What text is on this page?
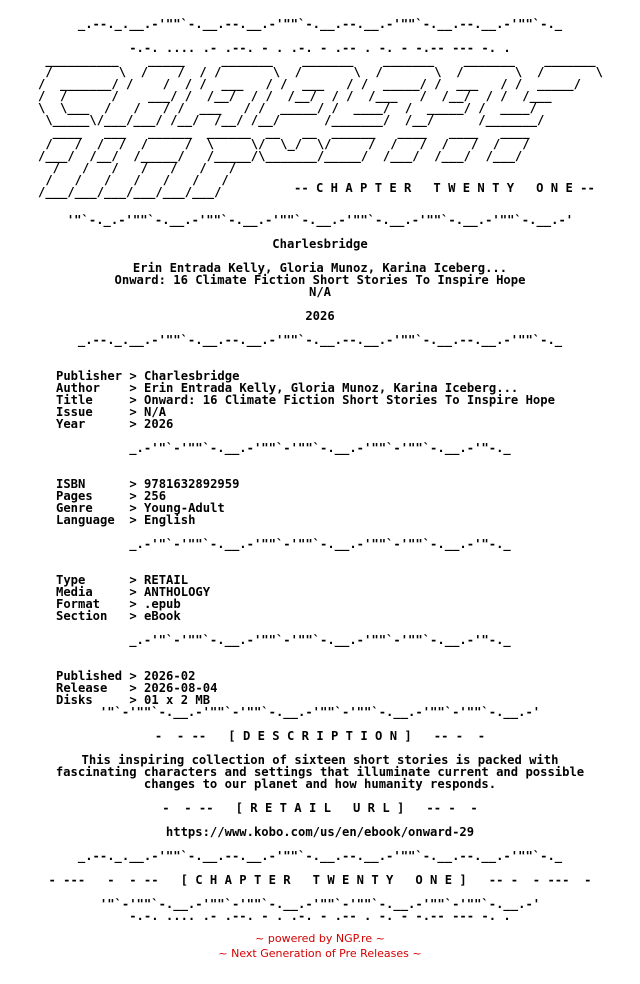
_.--._.__.-'""`-.__.--.__.-'""`-.__.--.__.-'""`-.__.--.__.-'""`-._
-.-. .... .- .--. - . .-. - .-- . -. - -.-- --- -. .
__________    _____     _______    _______    _______    _______    _______
/         \  /    /  / /       \  /       \  /       \  /       \  /       \
/  _______/ /    /  / /  ___   / /  ___   / /  _____/ /  ___   / /  _____/
/  /      /    ___/ /  /__/  / /  /__/  / /  /___   /  /__/  / /  /___
\  \___  /   /   / /  ___   / /  _____/ /  ____/  /  _____/ /  ____/
\_____\/___/___/ /__/  /__/ /__/      /_______/  /__/      /_______/
____   ___   ______  ______  __   __  ______   ____   ____   ____
/   /  /  /  /     /  \     \/  \_/  \/     /  /   /  /   /  /   /
/___/  /__/  /_____/   /_____/\_______/_____/  /___/  /___/  /___/
/   /   /   /   /   /   /
/   /   /   /   /   /   /
/___/___/___/___/___/___/	-- C H A P T E R   T W E N T Y   O N E --
'"`-._.-'""`-.__.-'""`-.__.-'""`-.__.-'""`-.__.-'""`-.__.-'""`-.__.-'
Charlesbridge
Erin Entrada Kelly, Gloria Munoz, Karina Iceberg...
Onward: 16 Climate Fiction Short Stories To Inspire Hope
N/A
2026
_.--._.__.-'""`-.__.--.__.-'""`-.__.--.__.-'""`-.__.--.__.-'""`-._
Publisher > Charlesbridge
Author > Erin Entrada Kelly, Gloria Munoz, Karina Iceberg...
Title	> Onward: 16 Climate Fiction Short Stories To Inspire Hope
Issue	> N/A
Year	> 2026
_.-'"`-'""`-.__.-'""`-'""`-.__.-'""`-'""`-.__.-'"-._
ISBN	> 9781632892959
Pages	> 256
Genre	> Young-Adult
Language > English
_.-'"`-'""`-.__.-'""`-'""`-.__.-'""`-'""`-.__.-'"-._
Type	> RETAIL
Media	> ANTHOLOGY
Format > .epub
Section > eBook
_.-'"`-'""`-.__.-'""`-'""`-.__.-'""`-'""`-.__.-'"-._
Published > 2026-02
Release > 2026-08-04
Disks	> 01 x 2 MB
'"`-'""`-.__.-'""`-'""`-.__.-'""`-'""`-.__.-'""`-'""`-.__.-'
-  - --   [ D E S C R I P T I O N ]   -- -  -
This inspiring collection of sixteen short stories is packed with
fascinating characters and settings that illuminate current and possible
changes to our planet and how humanity responds.
-  - --   [ R E T A I L   U R L ]   -- -  -
https://www.kobo.com/us/en/ebook/onward-29
_.--._.__.-'""`-.__.--.__.-'""`-.__.--.__.-'""`-.__.--.__.-'""`-._
- ---   -  - --   [ C H A P T E R   T W E N T Y   O N E ]   -- -  - ---  -
'"`-'""`-.__.-'""`-'""`-.__.-'""`-'""`-.__.-'""`-'""`-.__.-'
-.-. .... .- .--. - . .-. - .-- . -. - -.-- --- -. .
~ powered by NGP.re ~
~ Next Generation of Pre Releases ~
